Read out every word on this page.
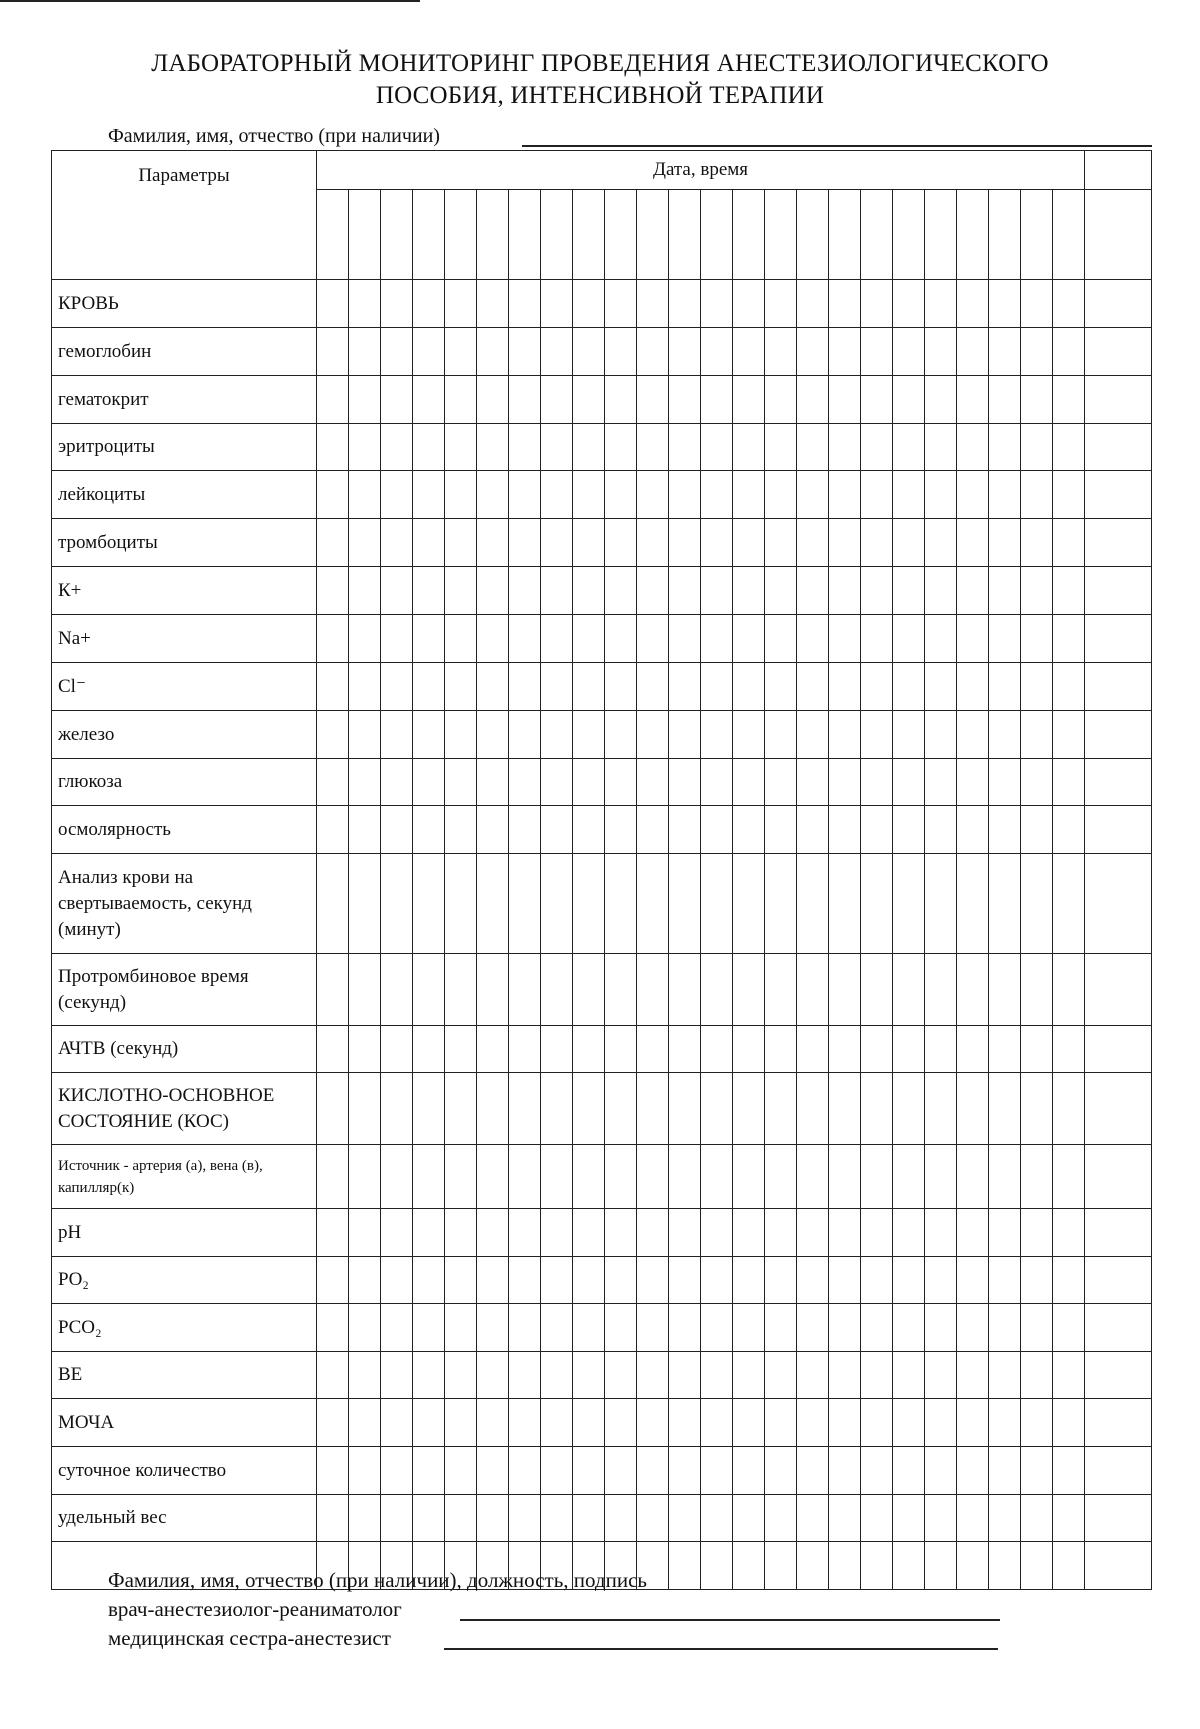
ЛАБОРАТОРНЫЙ МОНИТОРИНГ ПРОВЕДЕНИЯ АНЕСТЕЗИОЛОГИЧЕСКОГО
ПОСОБИЯ, ИНТЕНСИВНОЙ ТЕРАПИИ
Фамилия, имя, отчество (при наличии)
Параметры	Дата, время																								

КРОВЬ																									
гемоглобин																									
гематокрит																									
эритроциты																									
лейкоциты																									
тромбоциты																									
К+																									
Na+																									
Cl⁻																									
железо																									
глюкоза																									
осмолярность																									
Анализ крови на свертываемость, секунд (минут)																									
Протромбиновое время (секунд)																									
АЧТВ (секунд)																									
КИСЛОТНО-ОСНОВНОЕ СОСТОЯНИЕ (КОС)																									
Источник - артерия (а), вена (в), капилляр(к)																									
pH																									
PO₂																									
PCO₂																									
BE																									
МОЧА																									
суточное количество																									
удельный вес																									

Фамилия, имя, отчество (при наличии), должность, подпись
врач-анестезиолог-реаниматолог
медицинская сестра-анестезист
